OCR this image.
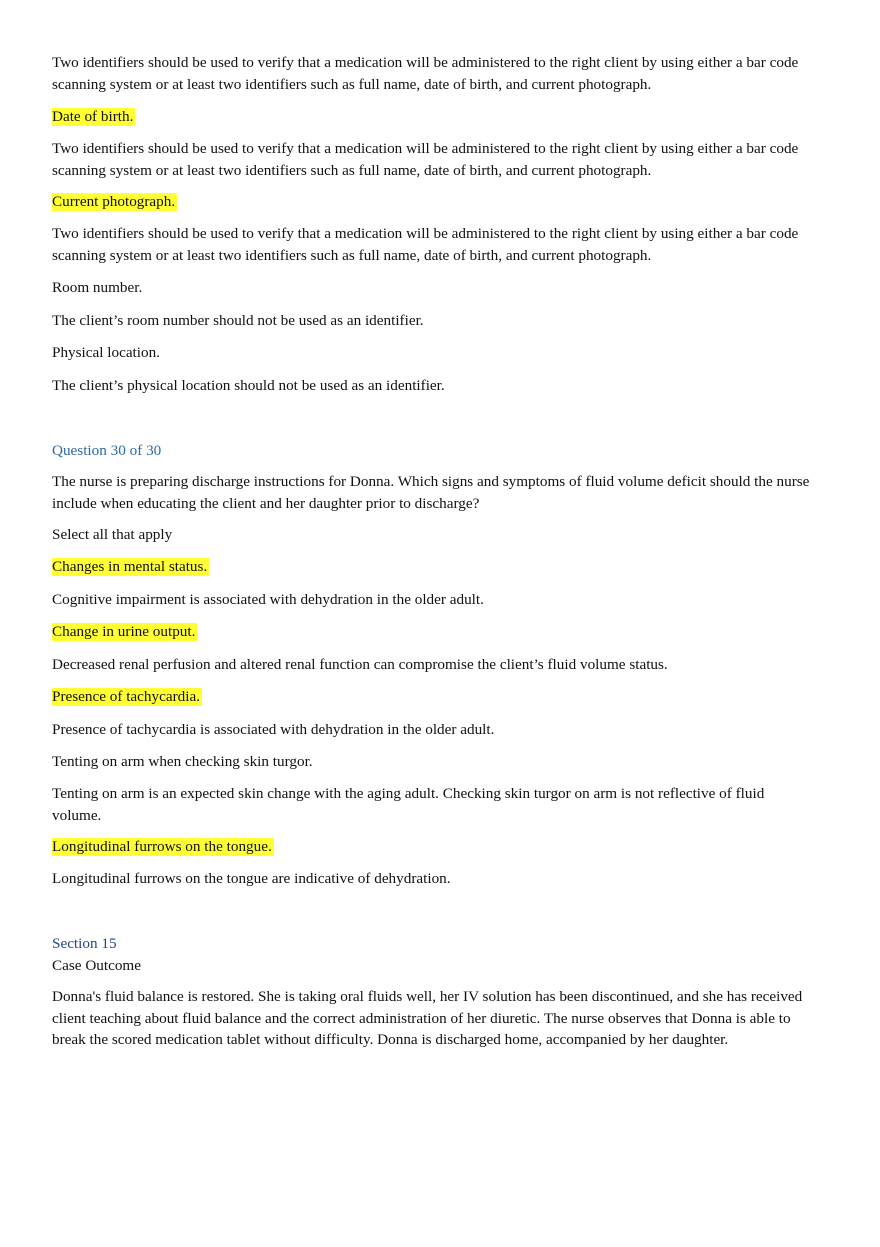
Two identifiers should be used to verify that a medication will be administered to the right client by using either a bar code scanning system or at least two identifiers such as full name, date of birth, and current photograph.

Date of birth.

Two identifiers should be used to verify that a medication will be administered to the right client by using either a bar code scanning system or at least two identifiers such as full name, date of birth, and current photograph.

Current photograph.

Two identifiers should be used to verify that a medication will be administered to the right client by using either a bar code scanning system or at least two identifiers such as full name, date of birth, and current photograph.

Room number.

The client’s room number should not be used as an identifier.

Physical location.

The client’s physical location should not be used as an identifier.

Question 30 of 30

The nurse is preparing discharge instructions for Donna. Which signs and symptoms of fluid volume deficit should the nurse include when educating the client and her daughter prior to discharge?

Select all that apply

Changes in mental status.

Cognitive impairment is associated with dehydration in the older adult.

Change in urine output.

Decreased renal perfusion and altered renal function can compromise the client’s fluid volume status.

Presence of tachycardia.

Presence of tachycardia is associated with dehydration in the older adult.

Tenting on arm when checking skin turgor.

Tenting on arm is an expected skin change with the aging adult. Checking skin turgor on arm is not reflective of fluid volume.

Longitudinal furrows on the tongue.

Longitudinal furrows on the tongue are indicative of dehydration.

Section 15

Case Outcome

Donna's fluid balance is restored. She is taking oral fluids well, her IV solution has been discontinued, and she has received client teaching about fluid balance and the correct administration of her diuretic. The nurse observes that Donna is able to break the scored medication tablet without difficulty. Donna is discharged home, accompanied by her daughter.
